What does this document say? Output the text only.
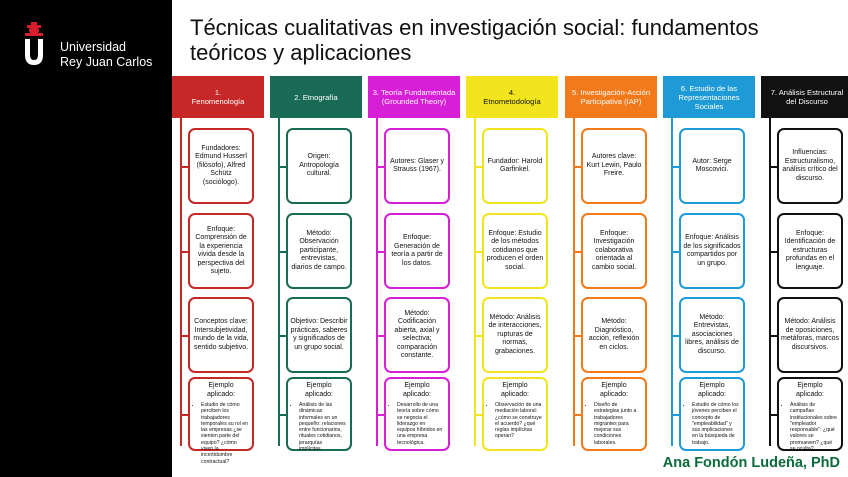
Universidad
Rey Juan Carlos
Técnicas cualitativas en investigación social: fundamentos teóricos y aplicaciones
1.
Fenomenología
Fundadores: Edmund Husserl (filósofo), Alfred Schütz (sociólogo).
Enfoque: Comprensión de la experiencia vivida desde la perspectiva del sujeto.
Conceptos clave: Intersubjetividad, mundo de la vida, sentido subjetivo.
Ejemplo aplicado:
• Estudio de cómo perciben los trabajadores temporales su rol en las empresas ¿se sienten parte del equipo? ¿cómo viven la incertidumbre contractual?
2. Etnografía
Origen: Antropología cultural.
Método: Observación participante, entrevistas, diarios de campo.
Objetivo: Describir prácticas, saberes y significados de un grupo social.
Ejemplo aplicado:
• Análisis de las dinámicas informales en un pequeño: relaciones entre funcionarios, rituales cotidianos, jerarquías implícitas.
3. Teoría Fundamentada (Grounded Theory)
Autores: Glaser y Strauss (1967).
Enfoque: Generación de teoría a partir de los datos.
Método: Codificación abierta, axial y selectiva; comparación constante.
Ejemplo aplicado:
• Desarrollo de una teoría sobre cómo se negocia el liderazgo en equipos híbridos en una empresa tecnológica.
4.
Etnometodología
Fundador: Harold Garfinkel.
Enfoque: Estudio de los métodos cotidianos que producen el orden social.
Método: Análisis de interacciones, rupturas de normas, grabaciones.
Ejemplo aplicado:
• Observación de una mediación laboral: ¿cómo se construye el acuerdo? ¿qué reglas implícitas operan?
5. Investigación-Acción Participativa (IAP)
Autores clave: Kurt Lewin, Paulo Freire.
Enfoque: Investigación colaborativa orientada al cambio social.
Método: Diagnóstico, acción, reflexión en ciclos.
Ejemplo aplicado:
• Diseño de estrategias junto a trabajadores migrantes para mejorar sus condiciones laborales.
6. Estudio de las Representaciones Sociales
Autor: Serge Moscovici.
Enfoque: Análisis de los significados compartidos por un grupo.
Método: Entrevistas, asociaciones libres, análisis de discurso.
Ejemplo aplicado:
• Estudio de cómo los jóvenes perciben el concepto de "empleabilidad" y sus implicaciones en la búsqueda de trabajo.
7. Análisis Estructural del Discurso
Influencias: Estructuralismo, análisis crítico del discurso.
Enfoque: Identificación de estructuras profundas en el lenguaje.
Método: Análisis de oposiciones, metáforas, marcos discursivos.
Ejemplo aplicado:
• Análisis de campañas institucionales sobre "empleador responsable": ¿qué valores se promueven? ¿qué se oculta?
Ana Fondón Ludeña, PhD
